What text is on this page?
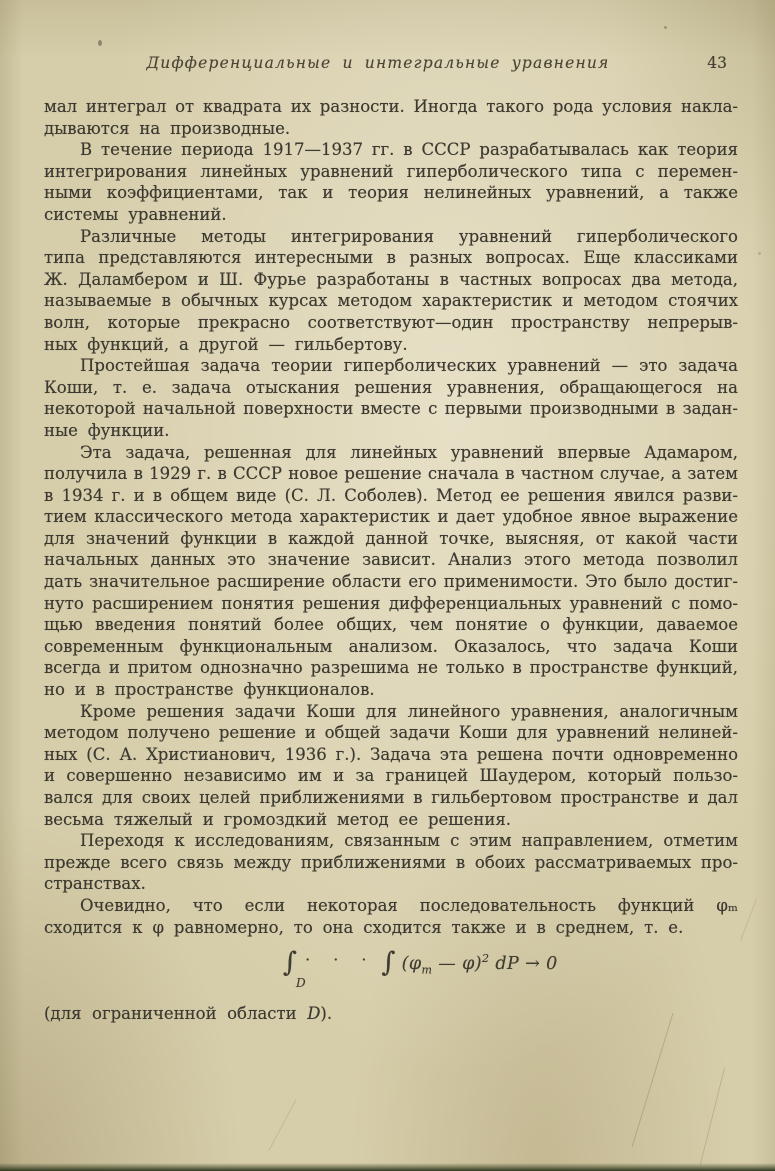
Дифференциальные и интегральные уравнения	43
мал интеграл от квадрата их разности. Иногда такого рода условия накла-
дываются на производные.
В течение периода 1917—1937 гг. в СССР разрабатывалась как теория
интегрирования линейных уравнений гиперболического типа с перемен-
ными коэффициентами, так и теория нелинейных уравнений, а также
системы уравнений.
Различные методы интегрирования уравнений гиперболического
типа представляются интересными в разных вопросах. Еще классиками
Ж. Даламбером и Ш. Фурье разработаны в частных вопросах два метода,
называемые в обычных курсах методом характеристик и методом стоячих
волн, которые прекрасно соответствуют—один пространству непрерыв-
ных функций, а другой — гильбертову.
Простейшая задача теории гиперболических уравнений — это задача
Коши, т. е. задача отыскания решения уравнения, обращающегося на
некоторой начальной поверхности вместе с первыми производными в задан-
ные функции.
Эта задача, решенная для линейных уравнений впервые Адамаром,
получила в 1929 г. в СССР новое решение сначала в частном случае, а затем
в 1934 г. и в общем виде (С. Л. Соболев). Метод ее решения явился разви-
тием классического метода характеристик и дает удобное явное выражение
для значений функции в каждой данной точке, выясняя, от какой части
начальных данных это значение зависит. Анализ этого метода позволил
дать значительное расширение области его применимости. Это было достиг-
нуто расширением понятия решения дифференциальных уравнений с помо-
щью введения понятий более общих, чем понятие о функции, даваемое
современным функциональным анализом. Оказалось, что задача Коши
всегда и притом однозначно разрешима не только в пространстве функций,
но и в пространстве функционалов.
Кроме решения задачи Коши для линейного уравнения, аналогичным
методом получено решение и общей задачи Коши для уравнений нелиней-
ных (С. А. Христианович, 1936 г.). Задача эта решена почти одновременно
и совершенно независимо им и за границей Шаудером, который пользо-
вался для своих целей приближениями в гильбертовом пространстве и дал
весьма тяжелый и громоздкий метод ее решения.
Переходя к исследованиям, связанным с этим направлением, отметим
прежде всего связь между приближениями в обоих рассматриваемых про-
странствах.
Очевидно, что если некоторая последовательность функций φₘ
сходится к φ равномерно, то она сходится также и в среднем, т. е.
∫
D
· · · ∫ ($\varphi_m$ — φ)$^2$ dP → 0
(для ограниченной области D).
